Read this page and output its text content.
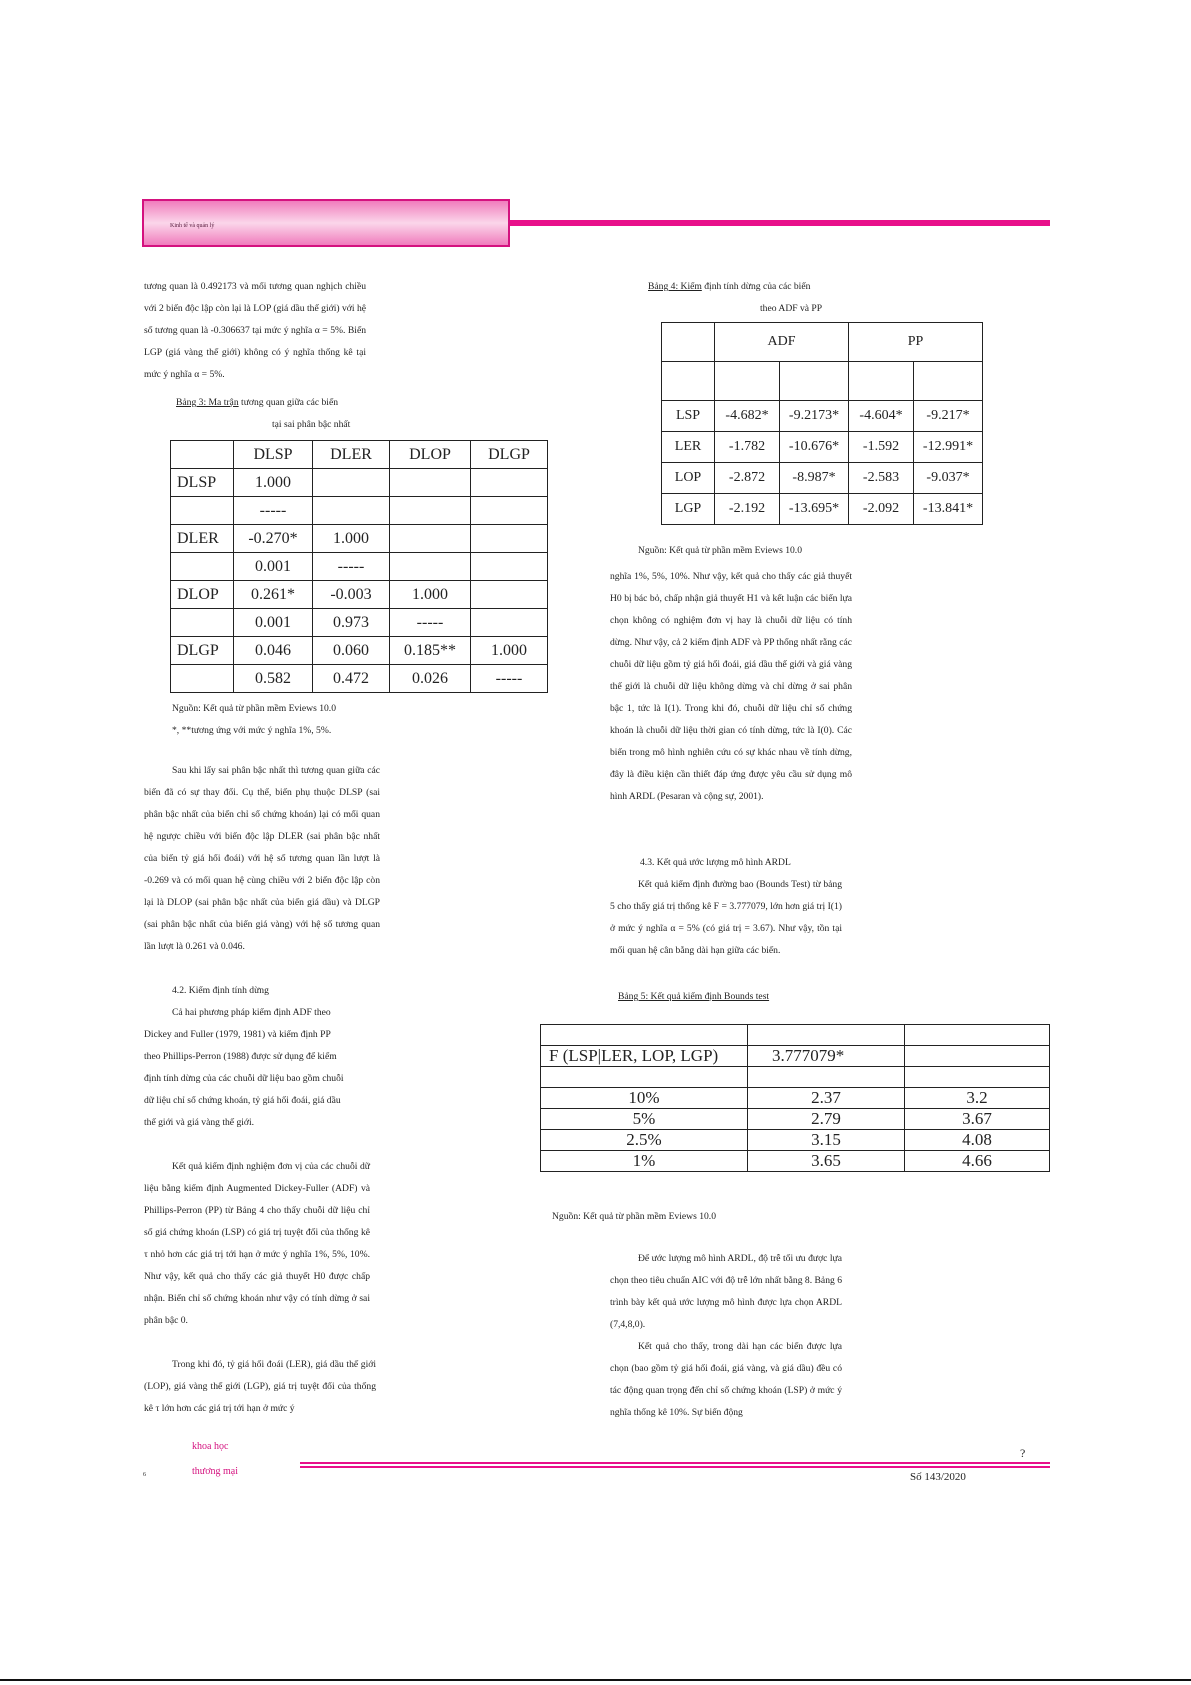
Kinh tế và quản lý

tương quan là 0.492173 và mối tương quan nghịch chiều với 2 biến độc lập còn lại là LOP (giá dầu thế giới) với hệ số tương quan là -0.306637 tại mức ý nghĩa α = 5%. Biến LGP (giá vàng thế giới) không có ý nghĩa thống kê tại mức ý nghĩa α = 5%.

Bảng 3: Ma trận tương quan giữa các biến

tại sai phân bậc nhất

	DLSP	DLER	DLOP	DLGP
DLSP	1.000			
	-----			
DLER	-0.270*	1.000		
	0.001	-----		
DLOP	0.261*	-0.003	1.000	
	0.001	0.973	-----	
DLGP	0.046	0.060	0.185**	1.000
	0.582	0.472	0.026	-----

Nguồn: Kết quả từ phần mềm Eviews 10.0

*, **tương ứng với mức ý nghĩa 1%, 5%.

Sau khi lấy sai phân bậc nhất thì tương quan giữa các biến đã có sự thay đổi. Cụ thể, biến phụ thuộc DLSP (sai phân bậc nhất của biến chỉ số chứng khoán) lại có mối quan hệ ngược chiều với biến độc lập DLER (sai phân bậc nhất của biến tỷ giá hối đoái) với hệ số tương quan lần lượt là -0.269 và có mối quan hệ cùng chiều với 2 biến độc lập còn lại là DLOP (sai phân bậc nhất của biến giá dầu) và DLGP (sai phân bậc nhất của biến giá vàng) với hệ số tương quan lần lượt là 0.261 và 0.046.

4.2. Kiểm định tính dừng

Cả hai phương pháp kiểm định ADF theo Dickey and Fuller (1979, 1981) và kiểm định PP theo Phillips-Perron (1988) được sử dụng để kiểm định tính dừng của các chuỗi dữ liệu bao gồm chuỗi dữ liệu chỉ số chứng khoán, tỷ giá hối đoái, giá dầu thế giới và giá vàng thế giới.

Kết quả kiểm định nghiệm đơn vị của các chuỗi dữ liệu bằng kiểm định Augmented Dickey-Fuller (ADF) và Phillips-Perron (PP) từ Bảng 4 cho thấy chuỗi dữ liệu chỉ số giá chứng khoán (LSP) có giá trị tuyệt đối của thống kê τ nhỏ hơn các giá trị tới hạn ở mức ý nghĩa 1%, 5%, 10%. Như vậy, kết quả cho thấy các giả thuyết H0 được chấp nhận. Biến chỉ số chứng khoán như vậy có tính dừng ở sai phân bậc 0.

Trong khi đó, tỷ giá hối đoái (LER), giá dầu thế giới (LOP), giá vàng thế giới (LGP), giá trị tuyệt đối của thống kê τ lớn hơn các giá trị tới hạn ở mức ý

Bảng 4: Kiểm định tính dừng của các biến

theo ADF và PP

	ADF		PP	

LSP	-4.682*	-9.2173*	-4.604*	-9.217*
LER	-1.782	-10.676*	-1.592	-12.991*
LOP	-2.872	-8.987*	-2.583	-9.037*
LGP	-2.192	-13.695*	-2.092	-13.841*

Nguồn: Kết quả từ phần mềm Eviews 10.0

nghĩa 1%, 5%, 10%. Như vậy, kết quả cho thấy các giả thuyết H0 bị bác bỏ, chấp nhận giả thuyết H1 và kết luận các biến lựa chọn không có nghiệm đơn vị hay là chuỗi dữ liệu có tính dừng. Như vậy, cả 2 kiểm định ADF và PP thống nhất rằng các chuỗi dữ liệu gồm tỷ giá hối đoái, giá dầu thế giới và giá vàng thế giới là chuỗi dữ liệu không dừng và chỉ dừng ở sai phân bậc 1, tức là I(1). Trong khi đó, chuỗi dữ liệu chỉ số chứng khoán là chuỗi dữ liệu thời gian có tính dừng, tức là I(0). Các biến trong mô hình nghiên cứu có sự khác nhau về tính dừng, đây là điều kiện cần thiết đáp ứng được yêu cầu sử dụng mô hình ARDL (Pesaran và cộng sự, 2001).

4.3. Kết quả ước lượng mô hình ARDL

Kết quả kiểm định đường bao (Bounds Test) từ bảng 5 cho thấy giá trị thống kê F = 3.777079, lớn hơn giá trị I(1) ở mức ý nghĩa α = 5% (có giá trị = 3.67). Như vậy, tồn tại mối quan hệ cân bằng dài hạn giữa các biến.

Bảng 5: Kết quả kiểm định Bounds test

F (LSP|LER, LOP, LGP)	3.777079*	

10%	2.37	3.2
5%	2.79	3.67
2.5%	3.15	4.08
1%	3.65	4.66

Nguồn: Kết quả từ phần mềm Eviews 10.0

Để ước lượng mô hình ARDL, độ trễ tối ưu được lựa chọn theo tiêu chuẩn AIC với độ trễ lớn nhất bằng 8. Bảng 6 trình bày kết quả ước lượng mô hình được lựa chọn ARDL (7,4,8,0).

Kết quả cho thấy, trong dài hạn các biến được lựa chọn (bao gồm tỷ giá hối đoái, giá vàng, và giá dầu) đều có tác động quan trọng đến chỉ số chứng khoán (LSP) ở mức ý nghĩa thống kê 10%. Sự biến động

khoa học
thương mại
6
?
Số 143/2020
